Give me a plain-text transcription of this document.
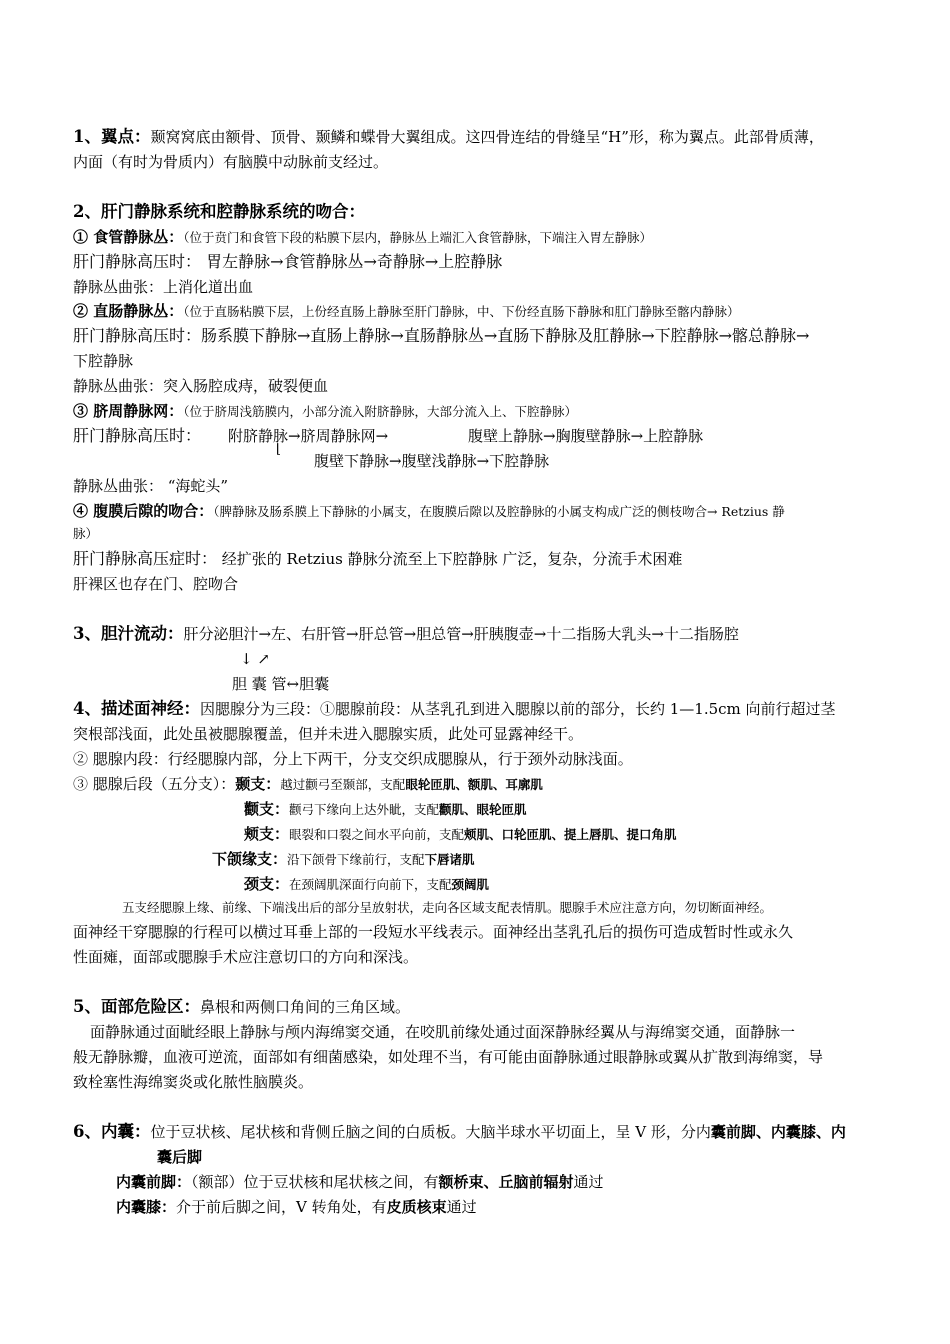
1、翼点：颞窝窝底由额骨、顶骨、颞鳞和蝶骨大翼组成。这四骨连结的骨缝呈“H”形，称为翼点。此部骨质薄，
内面（有时为骨质内）有脑膜中动脉前支经过。
2、肝门静脉系统和腔静脉系统的吻合：
① 食管静脉丛：（位于贲门和食管下段的粘膜下层内，静脉丛上端汇入食管静脉，下端注入胃左静脉）
肝门静脉高压时： 胃左静脉→食管静脉丛→奇静脉→上腔静脉
静脉丛曲张：上消化道出血
② 直肠静脉丛：（位于直肠粘膜下层，上份经直肠上静脉至肝门静脉，中、下份经直肠下静脉和肛门静脉至髂内静脉）
肝门静脉高压时：肠系膜下静脉→直肠上静脉→直肠静脉丛→直肠下静脉及肛静脉→下腔静脉→髂总静脉→
下腔静脉
静脉丛曲张：突入肠腔成痔，破裂便血
③ 脐周静脉网：（位于脐周浅筋膜内，小部分流入附脐静脉，大部分流入上、下腔静脉）
肝门静脉高压时： 附脐静脉→脐周静脉网→
⌊
腹壁上静脉→胸腹壁静脉→上腔静脉
腹壁下静脉→腹壁浅静脉→下腔静脉
静脉丛曲张： “海蛇头”
④ 腹膜后隙的吻合：（脾静脉及肠系膜上下静脉的小属支，在腹膜后隙以及腔静脉的小属支构成广泛的侧枝吻合→ Retzius 静
脉）
肝门静脉高压症时： 经扩张的 Retzius 静脉分流至上下腔静脉 广泛，复杂，分流手术困难
肝裸区也存在门、腔吻合
3、胆汁流动：肝分泌胆汁→左、右肝管→肝总管→胆总管→肝胰腹壶→十二指肠大乳头→十二指肠腔
↓ ↗
胆 囊 管↔胆囊
4、描述面神经：因腮腺分为三段：①腮腺前段：从茎乳孔到进入腮腺以前的部分，长约 1—1.5cm 向前行超过茎
突根部浅面，此处虽被腮腺覆盖，但并未进入腮腺实质，此处可显露神经干。
② 腮腺内段：行经腮腺内部，分上下两干，分支交织成腮腺从，行于颈外动脉浅面。
③ 腮腺后段（五分支）：颞支：越过颧弓至颞部，支配眼轮匝肌、额肌、耳廓肌
颧支：颧弓下缘向上达外眦，支配颧肌、眼轮匝肌
颊支：眼裂和口裂之间水平向前，支配颊肌、口轮匝肌、提上唇肌、提口角肌
下颌缘支：沿下颌骨下缘前行，支配下唇诸肌
颈支：在颈阔肌深面行向前下，支配颈阔肌
五支经腮腺上缘、前缘、下端浅出后的部分呈放射状，走向各区域支配表情肌。腮腺手术应注意方向，勿切断面神经。
面神经干穿腮腺的行程可以横过耳垂上部的一段短水平线表示。面神经出茎乳孔后的损伤可造成暂时性或永久
性面瘫，面部或腮腺手术应注意切口的方向和深浅。
5、面部危险区：鼻根和两侧口角间的三角区域。
面静脉通过面眦经眼上静脉与颅内海绵窦交通，在咬肌前缘处通过面深静脉经翼从与海绵窦交通，面静脉一
般无静脉瓣，血液可逆流，面部如有细菌感染，如处理不当，有可能由面静脉通过眼静脉或翼从扩散到海绵窦，导
致栓塞性海绵窦炎或化脓性脑膜炎。
6、内囊：位于豆状核、尾状核和背侧丘脑之间的白质板。大脑半球水平切面上，呈 V 形，分内囊前脚、内囊膝、内
囊后脚
内囊前脚：（额部）位于豆状核和尾状核之间，有额桥束、丘脑前辐射通过
内囊膝：介于前后脚之间，V 转角处，有皮质核束通过
